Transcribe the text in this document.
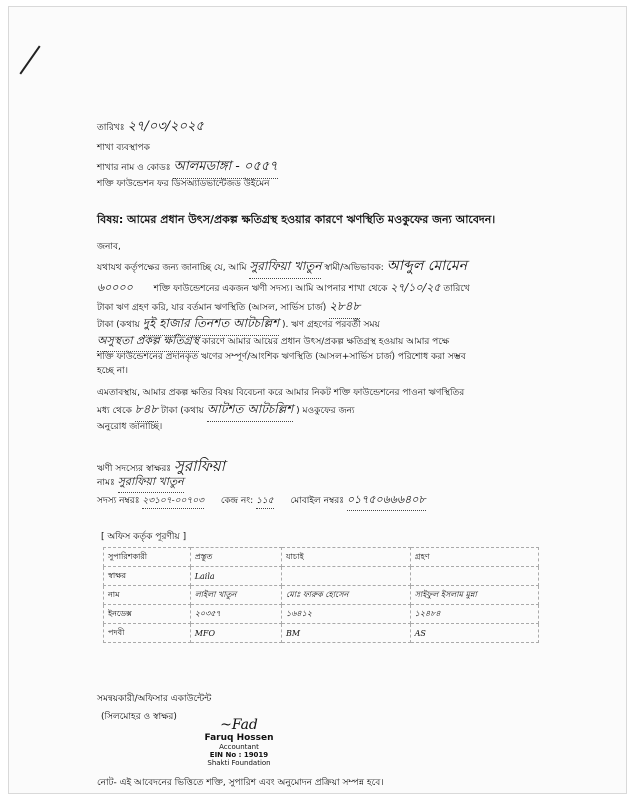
তারিখঃ ২৭/০৩/২০২৫
শাখা ব্যবস্থাপক
শাখার নাম ও কোডঃ আলমডাঙ্গা - ০৫৫৭
শক্তি ফাউন্ডেশন ফর ডিসঅ্যাডভান্টেজড উইমেন
বিষয়: আমের প্রধান উৎস/প্রকল্প ক্ষতিগ্রস্থ হওয়ার কারণে ঋণস্থিতি মওকুফের জন্য আবেদন।
জনাব,
যথাযথ কর্তৃপক্ষের জন্য জানাচ্ছি যে, আমি সুরাফিয়া খাতুন স্বামী/অভিভাবক: আব্দুল মোমেন
৬০০০০ শক্তি ফাউন্ডেশনের একজন ঋণী সদস্য। আমি আপনার শাখা থেকে ২৭/১০/২৫ তারিখে
টাকা ঋণ গ্রহণ করি, যার বর্তমান ঋণস্থিতি (আসল, সার্ভিস চার্জ) ২৮৪৮
টাকা (কথায় দুই হাজার তিনশত আটচল্লিশ ). ঋণ গ্রহণের পরবর্তী সময়
অসুস্থতা প্রকল্প ক্ষতিগ্রস্থ কারণে আমার আয়ের প্রধান উৎস/প্রকল্প ক্ষতিগ্রস্থ হওয়ায় আমার পক্ষে
শক্তি ফাউন্ডেশনের প্রদানকৃত ঋণের সম্পূর্ণ/আংশিক ঋণস্থিতি (আসল+সার্ভিস চার্জ) পরিশোধ করা সম্ভব
হচ্ছে না।
এমতাবস্থায়, আমার প্রকল্প ক্ষতির বিষয় বিবেচনা করে আমার নিকট শক্তি ফাউন্ডেশনের পাওনা ঋণস্থিতির
মধ্য থেকে ৮৪৮ টাকা (কথায় আটশত আটচল্লিশ ) মওকুফের জন্য
অনুরোধ জানাচ্ছি।
ঋণী সদস্যের স্বাক্ষরঃ সুরাফিয়া
নামঃ সুরাফিয়া খাতুন
সদস্য নম্বরঃ ২৩১০৭-০০৭০৩ কেন্দ্র নং: ১১৫ মোবাইল নম্বরঃ ০১৭৫০৬৬৬৪০৮
[ অফিস কর্তৃক পূরণীয় ]
সুপারিশকারী	প্রস্তুত	যাচাই	গ্রহণ
স্বাক্ষর	Laila		
নাম	লাইলা খাতুন	মোঃ ফারুক হোসেন	সাইফুল ইসলাম মুন্না
ইনডেক্স	২০৩৫৭	১৬৪১২	১২৪৮৪
পদবী	MFO	BM	AS
সমন্বয়কারী/অফিসার একাউন্টেন্ট
(সিলমোহর ও স্বাক্ষর)	~Fad
Faruq Hossen
Accountant
EIN No : 19019
Shakti Foundation
নোট- এই আবেদনের ভিত্তিতে শক্তি, সুপারিশ এবং অনুমোদন প্রক্রিয়া সম্পন্ন হবে।
